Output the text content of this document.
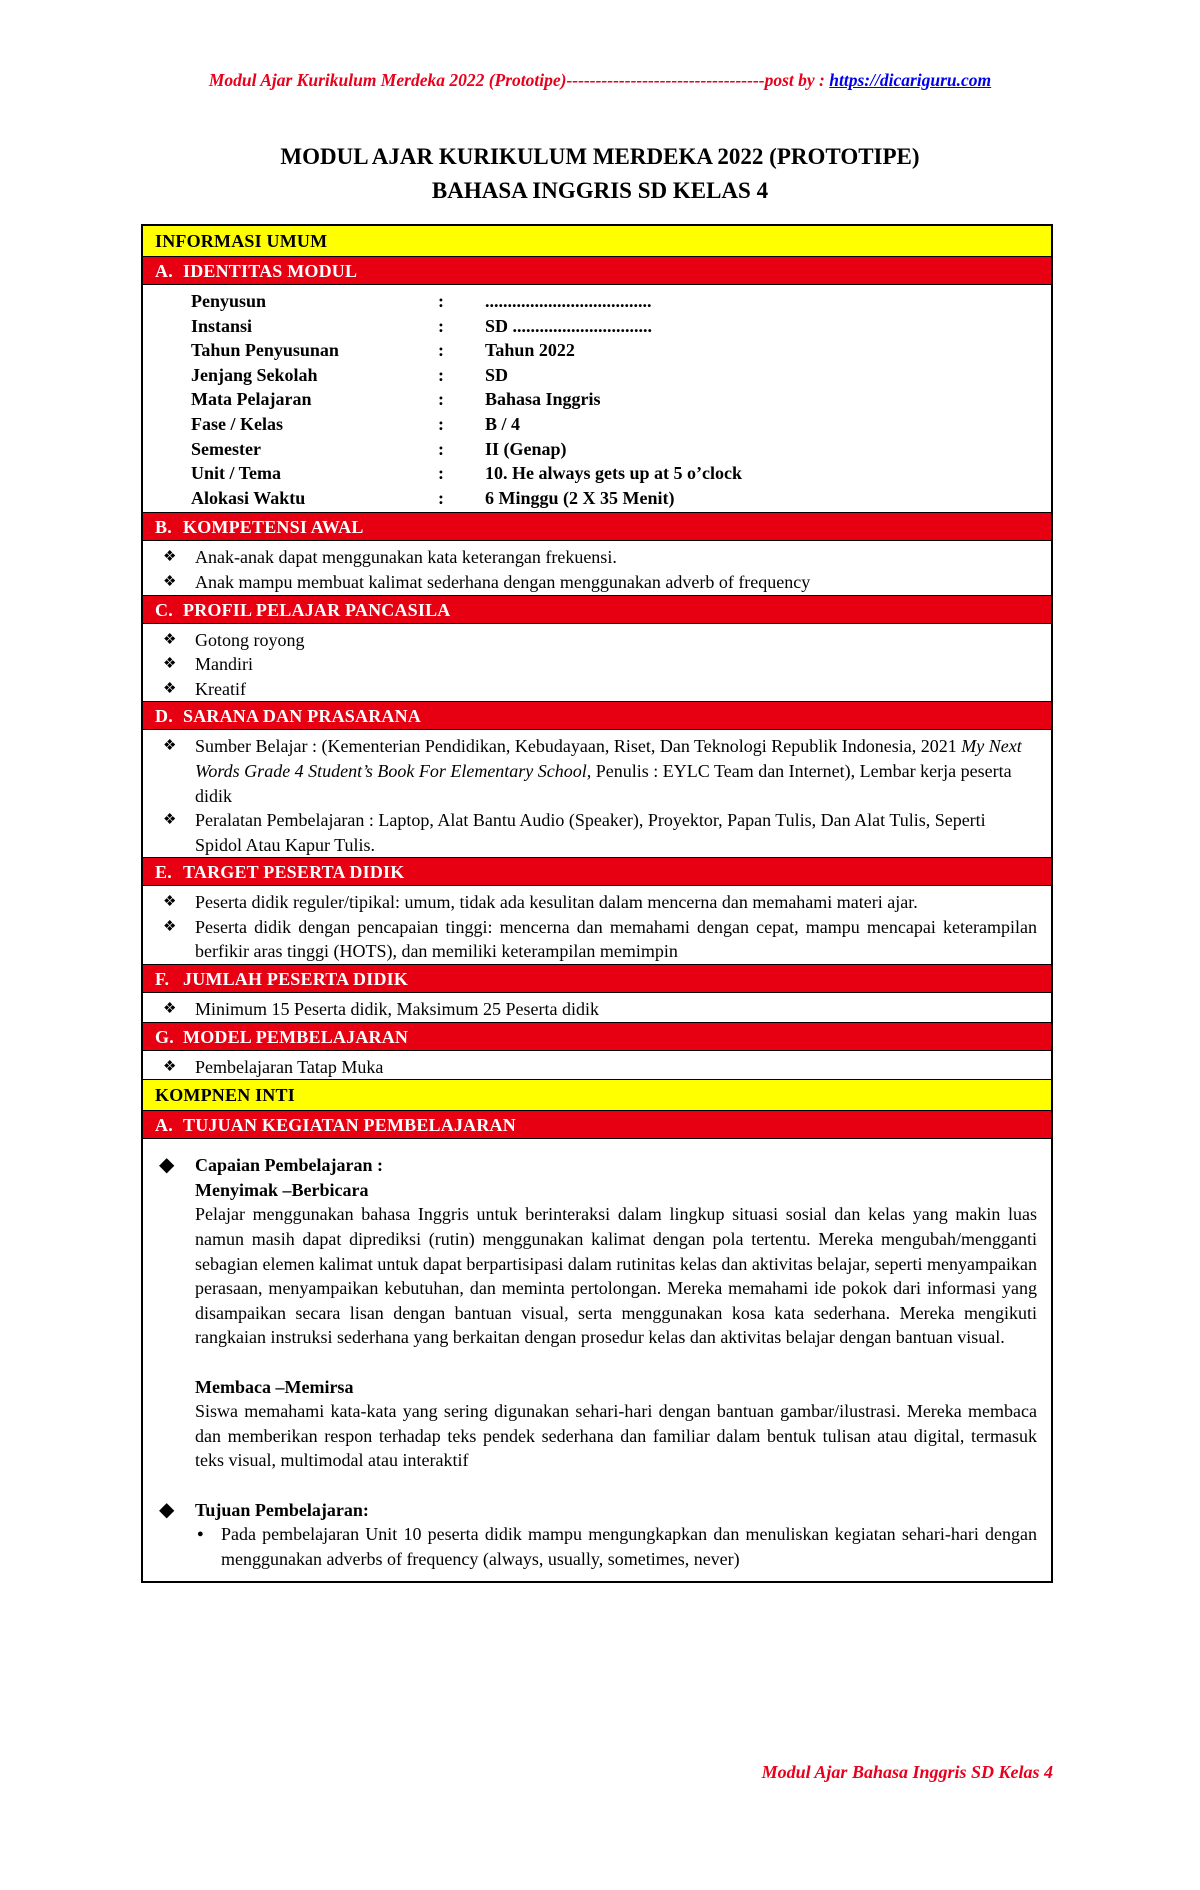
Modul Ajar Kurikulum Merdeka 2022 (Prototipe)----------------------------------post by : https://dicariguru.com
MODUL AJAR KURIKULUM MERDEKA 2022 (PROTOTIPE)
BAHASA INGGRIS SD KELAS 4
INFORMASI UMUM
A. IDENTITAS MODUL
Penyusun	:	.....................................
Instansi	:	SD ...............................
Tahun Penyusunan	:	Tahun 2022
Jenjang Sekolah	:	SD
Mata Pelajaran	:	Bahasa Inggris
Fase / Kelas	:	B / 4
Semester	:	II (Genap)
Unit / Tema	:	10. He always gets up at 5 o’clock
Alokasi Waktu	:	6 Minggu (2 X 35 Menit)
B. KOMPETENSI AWAL
❖ Anak-anak dapat menggunakan kata keterangan frekuensi.
❖ Anak mampu membuat kalimat sederhana dengan menggunakan adverb of frequency
C. PROFIL PELAJAR PANCASILA
❖ Gotong royong
❖ Mandiri
❖ Kreatif
D. SARANA DAN PRASARANA
❖ Sumber Belajar : (Kementerian Pendidikan, Kebudayaan, Riset, Dan Teknologi Republik Indonesia, 2021 My Next Words Grade 4 Student’s Book For Elementary School, Penulis : EYLC Team dan Internet), Lembar kerja peserta didik
❖ Peralatan Pembelajaran : Laptop, Alat Bantu Audio (Speaker), Proyektor, Papan Tulis, Dan Alat Tulis, Seperti Spidol Atau Kapur Tulis.
E. TARGET PESERTA DIDIK
❖ Peserta didik reguler/tipikal: umum, tidak ada kesulitan dalam mencerna dan memahami materi ajar.
❖ Peserta didik dengan pencapaian tinggi: mencerna dan memahami dengan cepat, mampu mencapai keterampilan berfikir aras tinggi (HOTS), dan memiliki keterampilan memimpin
F. JUMLAH PESERTA DIDIK
❖ Minimum 15 Peserta didik, Maksimum 25 Peserta didik
G. MODEL PEMBELAJARAN
❖ Pembelajaran Tatap Muka
KOMPNEN INTI
A. TUJUAN KEGIATAN PEMBELAJARAN
◆ Capaian Pembelajaran :
Menyimak –Berbicara

Pelajar menggunakan bahasa Inggris untuk berinteraksi dalam lingkup situasi sosial dan kelas yang makin luas namun masih dapat diprediksi (rutin) menggunakan kalimat dengan pola tertentu. Mereka mengubah/mengganti sebagian elemen kalimat untuk dapat berpartisipasi dalam rutinitas kelas dan aktivitas belajar, seperti menyampaikan perasaan, menyampaikan kebutuhan, dan meminta pertolongan. Mereka memahami ide pokok dari informasi yang disampaikan secara lisan dengan bantuan visual, serta menggunakan kosa kata sederhana. Mereka mengikuti rangkaian instruksi sederhana yang berkaitan dengan prosedur kelas dan aktivitas belajar dengan bantuan visual.

Membaca –Memirsa

Siswa memahami kata-kata yang sering digunakan sehari-hari dengan bantuan gambar/ilustrasi. Mereka membaca dan memberikan respon terhadap teks pendek sederhana dan familiar dalam bentuk tulisan atau digital, termasuk teks visual, multimodal atau interaktif

◆ Tujuan Pembelajaran:
● Pada pembelajaran Unit 10 peserta didik mampu mengungkapkan dan menuliskan kegiatan sehari-hari dengan menggunakan adverbs of frequency (always, usually, sometimes, never)
Modul Ajar Bahasa Inggris SD Kelas 4
